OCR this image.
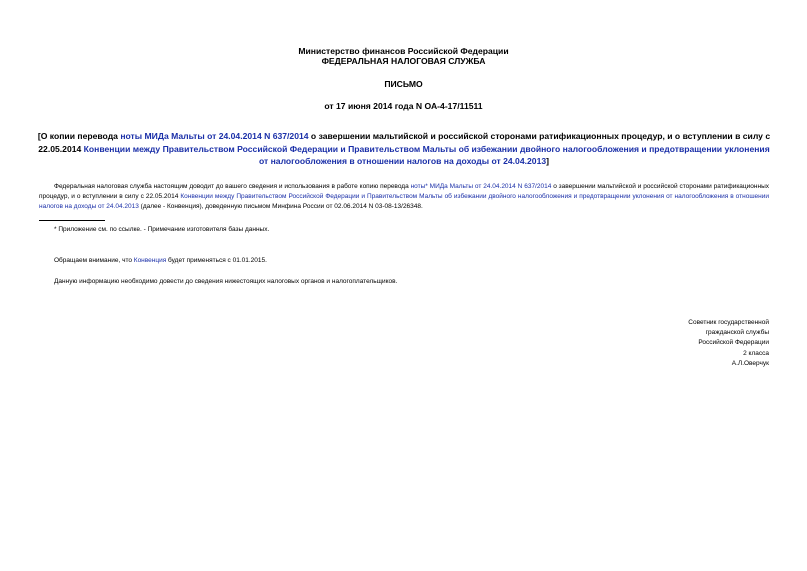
Министерство финансов Российской Федерации
ФЕДЕРАЛЬНАЯ НАЛОГОВАЯ СЛУЖБА
ПИСЬМО
от 17 июня 2014 года N ОА-4-17/11511
[О копии перевода ноты МИДа Мальты от 24.04.2014 N 637/2014 о завершении мальтийской и российской сторонами ратификационных процедур, и о вступлении в силу с 22.05.2014 Конвенции между Правительством Российской Федерации и Правительством Мальты об избежании двойного налогообложения и предотвращении уклонения от налогообложения в отношении налогов на доходы от 24.04.2013]
Федеральная налоговая служба настоящим доводит до вашего сведения и использования в работе копию перевода ноты* МИДа Мальты от 24.04.2014 N 637/2014 о завершении мальтийской и российской сторонами ратификационных процедур, и о вступлении в силу с 22.05.2014 Конвенции между Правительством Российской Федерации и Правительством Мальты об избежании двойного налогообложения и предотвращении уклонения от налогообложения в отношении налогов на доходы от 24.04.2013 (далее - Конвенция), доведенную письмом Минфина России от 02.06.2014 N 03-08-13/26348.
* Приложение см. по ссылке. - Примечание изготовителя базы данных.
Обращаем внимание, что Конвенция будет применяться с 01.01.2015.
Данную информацию необходимо довести до сведения нижестоящих налоговых органов и налогоплательщиков.
Советник государственной
гражданской службы
Российской Федерации
2 класса
А.Л.Оверчук
